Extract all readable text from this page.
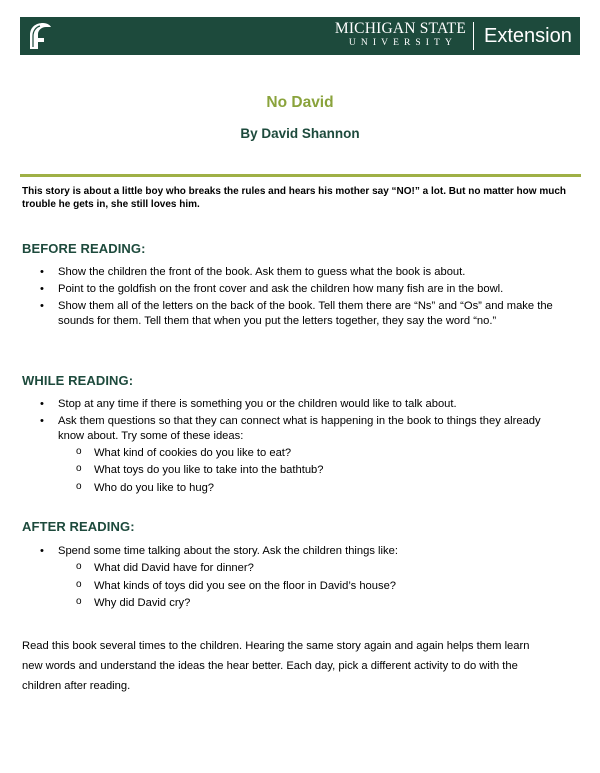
MICHIGAN STATE
UNIVERSITY	Extension
No David
By David Shannon
This story is about a little boy who breaks the rules and hears his mother say “NO!” a lot. But no matter how much trouble he gets in, she still loves him.
BEFORE READING:
• Show the children the front of the book. Ask them to guess what the book is about.
• Point to the goldfish on the front cover and ask the children how many fish are in the bowl.
• Show them all of the letters on the back of the book. Tell them there are “Ns” and “Os” and make the sounds for them. Tell them that when you put the letters together, they say the word “no.”
WHILE READING:
• Stop at any time if there is something you or the children would like to talk about.
• Ask them questions so that they can connect what is happening in the book to things they already know about. Try some of these ideas:
o What kind of cookies do you like to eat?
o What toys do you like to take into the bathtub?
o Who do you like to hug?
AFTER READING:
• Spend some time talking about the story. Ask the children things like:
o What did David have for dinner?
o What kinds of toys did you see on the floor in David’s house?
o Why did David cry?
Read this book several times to the children. Hearing the same story again and again helps them learn new words and understand the ideas the hear better. Each day, pick a different activity to do with the children after reading.
